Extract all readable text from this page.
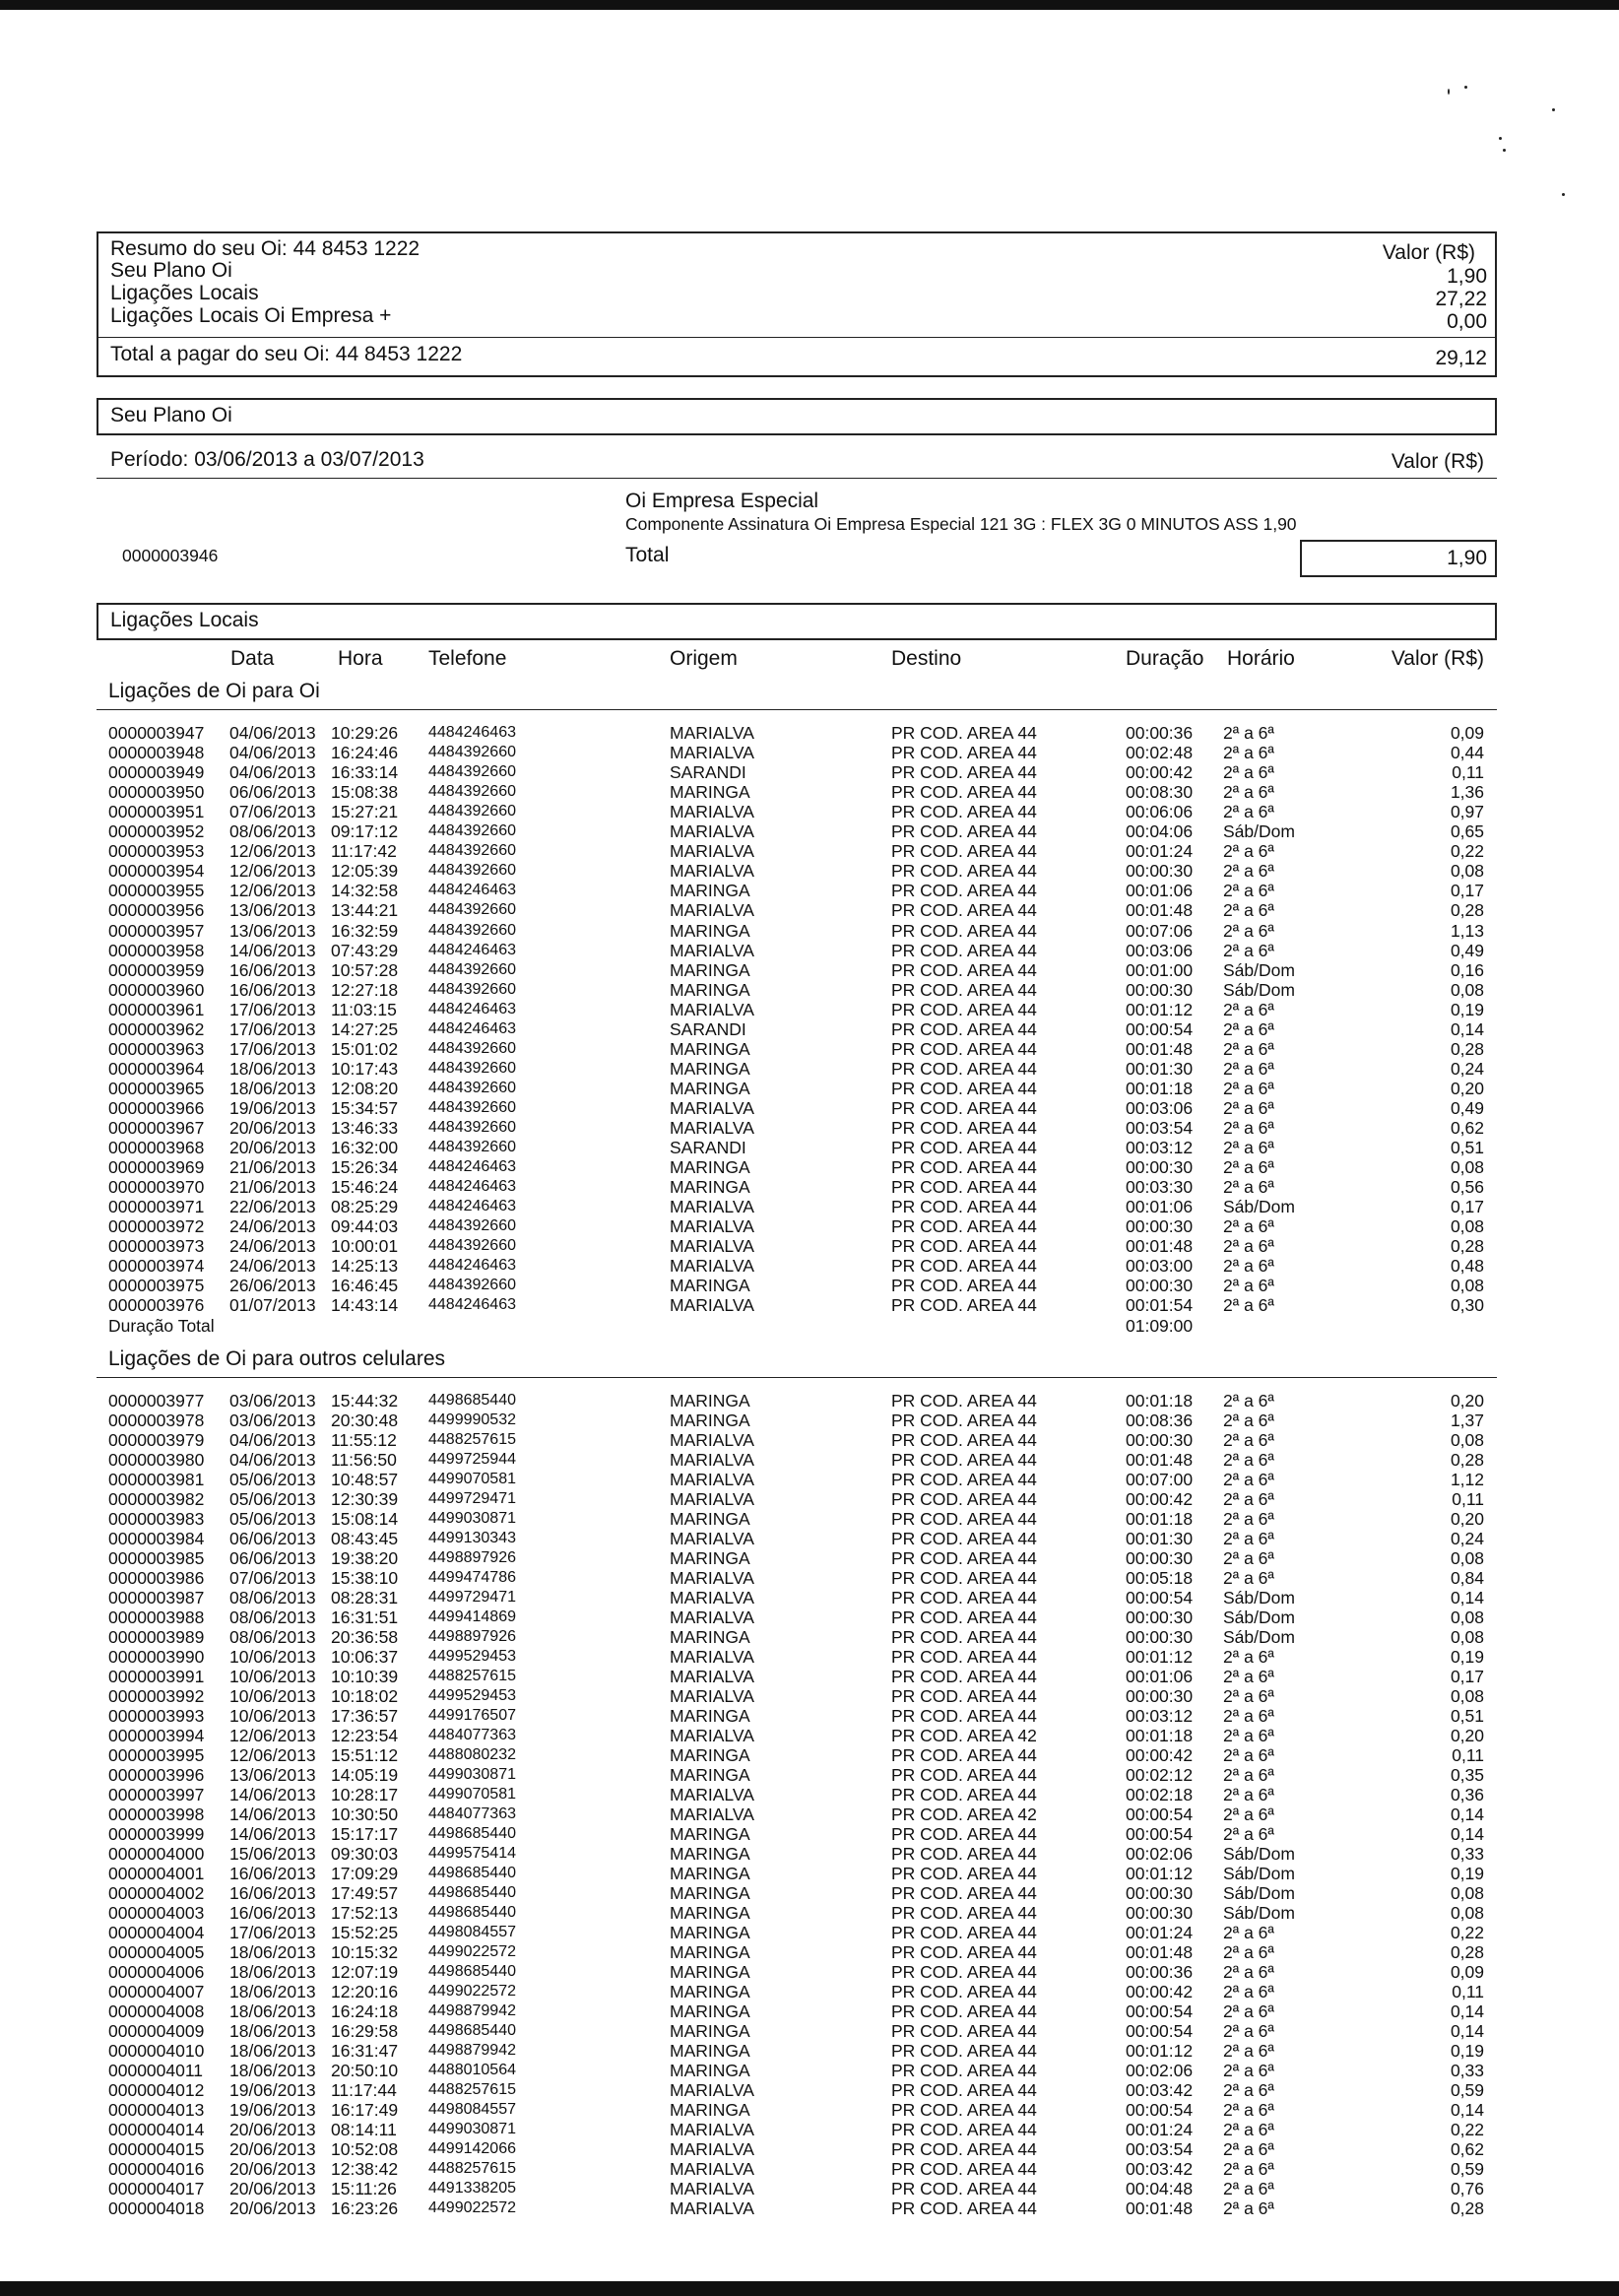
Resumo do seu Oi: 44 8453 1222	Valor (R$)
Seu Plano Oi	1,90
Ligações Locais	27,22
Ligações Locais Oi Empresa +	0,00
Total a pagar do seu Oi: 44 8453 1222	29,12
Seu Plano Oi
Período: 03/06/2013 a 03/07/2013	Valor (R$)
Oi Empresa Especial
Componente Assinatura Oi Empresa Especial 121 3G : FLEX 3G 0 MINUTOS ASS 1,90
0000003946	Total	1,90
Ligações Locais
Data	Hora Telefone	Origem	Destino	Duração Horário	Valor (R$)
Ligações de Oi para Oi
0000003947 04/06/2013 10:29:26 4484246463	MARIALVA	PR COD. AREA 44	00:00:36 2ª a 6ª	0,09
0000003948 04/06/2013 16:24:46 4484392660	MARIALVA	PR COD. AREA 44	00:02:48 2ª a 6ª	0,44
0000003949 04/06/2013 16:33:14 4484392660	SARANDI	PR COD. AREA 44	00:00:42 2ª a 6ª	0,11
0000003950 06/06/2013 15:08:38 4484392660	MARINGA	PR COD. AREA 44	00:08:30 2ª a 6ª	1,36
0000003951 07/06/2013 15:27:21 4484392660	MARIALVA	PR COD. AREA 44	00:06:06 2ª a 6ª	0,97
0000003952 08/06/2013 09:17:12 4484392660	MARIALVA	PR COD. AREA 44	00:04:06 Sáb/Dom	0,65
0000003953 12/06/2013 11:17:42 4484392660	MARIALVA	PR COD. AREA 44	00:01:24 2ª a 6ª	0,22
0000003954 12/06/2013 12:05:39 4484392660	MARIALVA	PR COD. AREA 44	00:00:30 2ª a 6ª	0,08
0000003955 12/06/2013 14:32:58 4484246463	MARINGA	PR COD. AREA 44	00:01:06 2ª a 6ª	0,17
0000003956 13/06/2013 13:44:21 4484392660	MARIALVA	PR COD. AREA 44	00:01:48 2ª a 6ª	0,28
0000003957 13/06/2013 16:32:59 4484392660	MARINGA	PR COD. AREA 44	00:07:06 2ª a 6ª	1,13
0000003958 14/06/2013 07:43:29 4484246463	MARIALVA	PR COD. AREA 44	00:03:06 2ª a 6ª	0,49
0000003959 16/06/2013 10:57:28 4484392660	MARINGA	PR COD. AREA 44	00:01:00 Sáb/Dom	0,16
0000003960 16/06/2013 12:27:18 4484392660	MARINGA	PR COD. AREA 44	00:00:30 Sáb/Dom	0,08
0000003961 17/06/2013 11:03:15 4484246463	MARIALVA	PR COD. AREA 44	00:01:12 2ª a 6ª	0,19
0000003962 17/06/2013 14:27:25 4484246463	SARANDI	PR COD. AREA 44	00:00:54 2ª a 6ª	0,14
0000003963 17/06/2013 15:01:02 4484392660	MARINGA	PR COD. AREA 44	00:01:48 2ª a 6ª	0,28
0000003964 18/06/2013 10:17:43 4484392660	MARINGA	PR COD. AREA 44	00:01:30 2ª a 6ª	0,24
0000003965 18/06/2013 12:08:20 4484392660	MARINGA	PR COD. AREA 44	00:01:18 2ª a 6ª	0,20
0000003966 19/06/2013 15:34:57 4484392660	MARIALVA	PR COD. AREA 44	00:03:06 2ª a 6ª	0,49
0000003967 20/06/2013 13:46:33 4484392660	MARIALVA	PR COD. AREA 44	00:03:54 2ª a 6ª	0,62
0000003968 20/06/2013 16:32:00 4484392660	SARANDI	PR COD. AREA 44	00:03:12 2ª a 6ª	0,51
0000003969 21/06/2013 15:26:34 4484246463	MARINGA	PR COD. AREA 44	00:00:30 2ª a 6ª	0,08
0000003970 21/06/2013 15:46:24 4484246463	MARINGA	PR COD. AREA 44	00:03:30 2ª a 6ª	0,56
0000003971 22/06/2013 08:25:29 4484246463	MARIALVA	PR COD. AREA 44	00:01:06 Sáb/Dom	0,17
0000003972 24/06/2013 09:44:03 4484392660	MARIALVA	PR COD. AREA 44	00:00:30 2ª a 6ª	0,08
0000003973 24/06/2013 10:00:01 4484392660	MARIALVA	PR COD. AREA 44	00:01:48 2ª a 6ª	0,28
0000003974 24/06/2013 14:25:13 4484246463	MARIALVA	PR COD. AREA 44	00:03:00 2ª a 6ª	0,48
0000003975 26/06/2013 16:46:45 4484392660	MARINGA	PR COD. AREA 44	00:00:30 2ª a 6ª	0,08
0000003976 01/07/2013 14:43:14 4484246463	MARIALVA	PR COD. AREA 44	00:01:54 2ª a 6ª	0,30
Duração Total	01:09:00
Ligações de Oi para outros celulares
0000003977 03/06/2013 15:44:32 4498685440	MARINGA	PR COD. AREA 44	00:01:18 2ª a 6ª	0,20
0000003978 03/06/2013 20:30:48 4499990532	MARINGA	PR COD. AREA 44	00:08:36 2ª a 6ª	1,37
0000003979 04/06/2013 11:55:12 4488257615	MARIALVA	PR COD. AREA 44	00:00:30 2ª a 6ª	0,08
0000003980 04/06/2013 11:56:50 4499725944	MARIALVA	PR COD. AREA 44	00:01:48 2ª a 6ª	0,28
0000003981 05/06/2013 10:48:57 4499070581	MARIALVA	PR COD. AREA 44	00:07:00 2ª a 6ª	1,12
0000003982 05/06/2013 12:30:39 4499729471	MARIALVA	PR COD. AREA 44	00:00:42 2ª a 6ª	0,11
0000003983 05/06/2013 15:08:14 4499030871	MARINGA	PR COD. AREA 44	00:01:18 2ª a 6ª	0,20
0000003984 06/06/2013 08:43:45 4499130343	MARIALVA	PR COD. AREA 44	00:01:30 2ª a 6ª	0,24
0000003985 06/06/2013 19:38:20 4498897926	MARINGA	PR COD. AREA 44	00:00:30 2ª a 6ª	0,08
0000003986 07/06/2013 15:38:10 4499474786	MARIALVA	PR COD. AREA 44	00:05:18 2ª a 6ª	0,84
0000003987 08/06/2013 08:28:31 4499729471	MARIALVA	PR COD. AREA 44	00:00:54 Sáb/Dom	0,14
0000003988 08/06/2013 16:31:51 4499414869	MARIALVA	PR COD. AREA 44	00:00:30 Sáb/Dom	0,08
0000003989 08/06/2013 20:36:58 4498897926	MARINGA	PR COD. AREA 44	00:00:30 Sáb/Dom	0,08
0000003990 10/06/2013 10:06:37 4499529453	MARIALVA	PR COD. AREA 44	00:01:12 2ª a 6ª	0,19
0000003991 10/06/2013 10:10:39 4488257615	MARIALVA	PR COD. AREA 44	00:01:06 2ª a 6ª	0,17
0000003992 10/06/2013 10:18:02 4499529453	MARIALVA	PR COD. AREA 44	00:00:30 2ª a 6ª	0,08
0000003993 10/06/2013 17:36:57 4499176507	MARINGA	PR COD. AREA 44	00:03:12 2ª a 6ª	0,51
0000003994 12/06/2013 12:23:54 4484077363	MARIALVA	PR COD. AREA 42	00:01:18 2ª a 6ª	0,20
0000003995 12/06/2013 15:51:12 4488080232	MARINGA	PR COD. AREA 44	00:00:42 2ª a 6ª	0,11
0000003996 13/06/2013 14:05:19 4499030871	MARINGA	PR COD. AREA 44	00:02:12 2ª a 6ª	0,35
0000003997 14/06/2013 10:28:17 4499070581	MARIALVA	PR COD. AREA 44	00:02:18 2ª a 6ª	0,36
0000003998 14/06/2013 10:30:50 4484077363	MARIALVA	PR COD. AREA 42	00:00:54 2ª a 6ª	0,14
0000003999 14/06/2013 15:17:17 4498685440	MARINGA	PR COD. AREA 44	00:00:54 2ª a 6ª	0,14
0000004000 15/06/2013 09:30:03 4499575414	MARINGA	PR COD. AREA 44	00:02:06 Sáb/Dom	0,33
0000004001 16/06/2013 17:09:29 4498685440	MARINGA	PR COD. AREA 44	00:01:12 Sáb/Dom	0,19
0000004002 16/06/2013 17:49:57 4498685440	MARINGA	PR COD. AREA 44	00:00:30 Sáb/Dom	0,08
0000004003 16/06/2013 17:52:13 4498685440	MARINGA	PR COD. AREA 44	00:00:30 Sáb/Dom	0,08
0000004004 17/06/2013 15:52:25 4498084557	MARINGA	PR COD. AREA 44	00:01:24 2ª a 6ª	0,22
0000004005 18/06/2013 10:15:32 4499022572	MARINGA	PR COD. AREA 44	00:01:48 2ª a 6ª	0,28
0000004006 18/06/2013 12:07:19 4498685440	MARINGA	PR COD. AREA 44	00:00:36 2ª a 6ª	0,09
0000004007 18/06/2013 12:20:16 4499022572	MARINGA	PR COD. AREA 44	00:00:42 2ª a 6ª	0,11
0000004008 18/06/2013 16:24:18 4498879942	MARINGA	PR COD. AREA 44	00:00:54 2ª a 6ª	0,14
0000004009 18/06/2013 16:29:58 4498685440	MARINGA	PR COD. AREA 44	00:00:54 2ª a 6ª	0,14
0000004010 18/06/2013 16:31:47 4498879942	MARINGA	PR COD. AREA 44	00:01:12 2ª a 6ª	0,19
0000004011 18/06/2013 20:50:10 4488010564	MARINGA	PR COD. AREA 44	00:02:06 2ª a 6ª	0,33
0000004012 19/06/2013 11:17:44 4488257615	MARIALVA	PR COD. AREA 44	00:03:42 2ª a 6ª	0,59
0000004013 19/06/2013 16:17:49 4498084557	MARINGA	PR COD. AREA 44	00:00:54 2ª a 6ª	0,14
0000004014 20/06/2013 08:14:11 4499030871	MARIALVA	PR COD. AREA 44	00:01:24 2ª a 6ª	0,22
0000004015 20/06/2013 10:52:08 4499142066	MARIALVA	PR COD. AREA 44	00:03:54 2ª a 6ª	0,62
0000004016 20/06/2013 12:38:42 4488257615	MARIALVA	PR COD. AREA 44	00:03:42 2ª a 6ª	0,59
0000004017 20/06/2013 15:11:26 4491338205	MARIALVA	PR COD. AREA 44	00:04:48 2ª a 6ª	0,76
0000004018 20/06/2013 16:23:26 4499022572	MARIALVA	PR COD. AREA 44	00:01:48 2ª a 6ª	0,28
